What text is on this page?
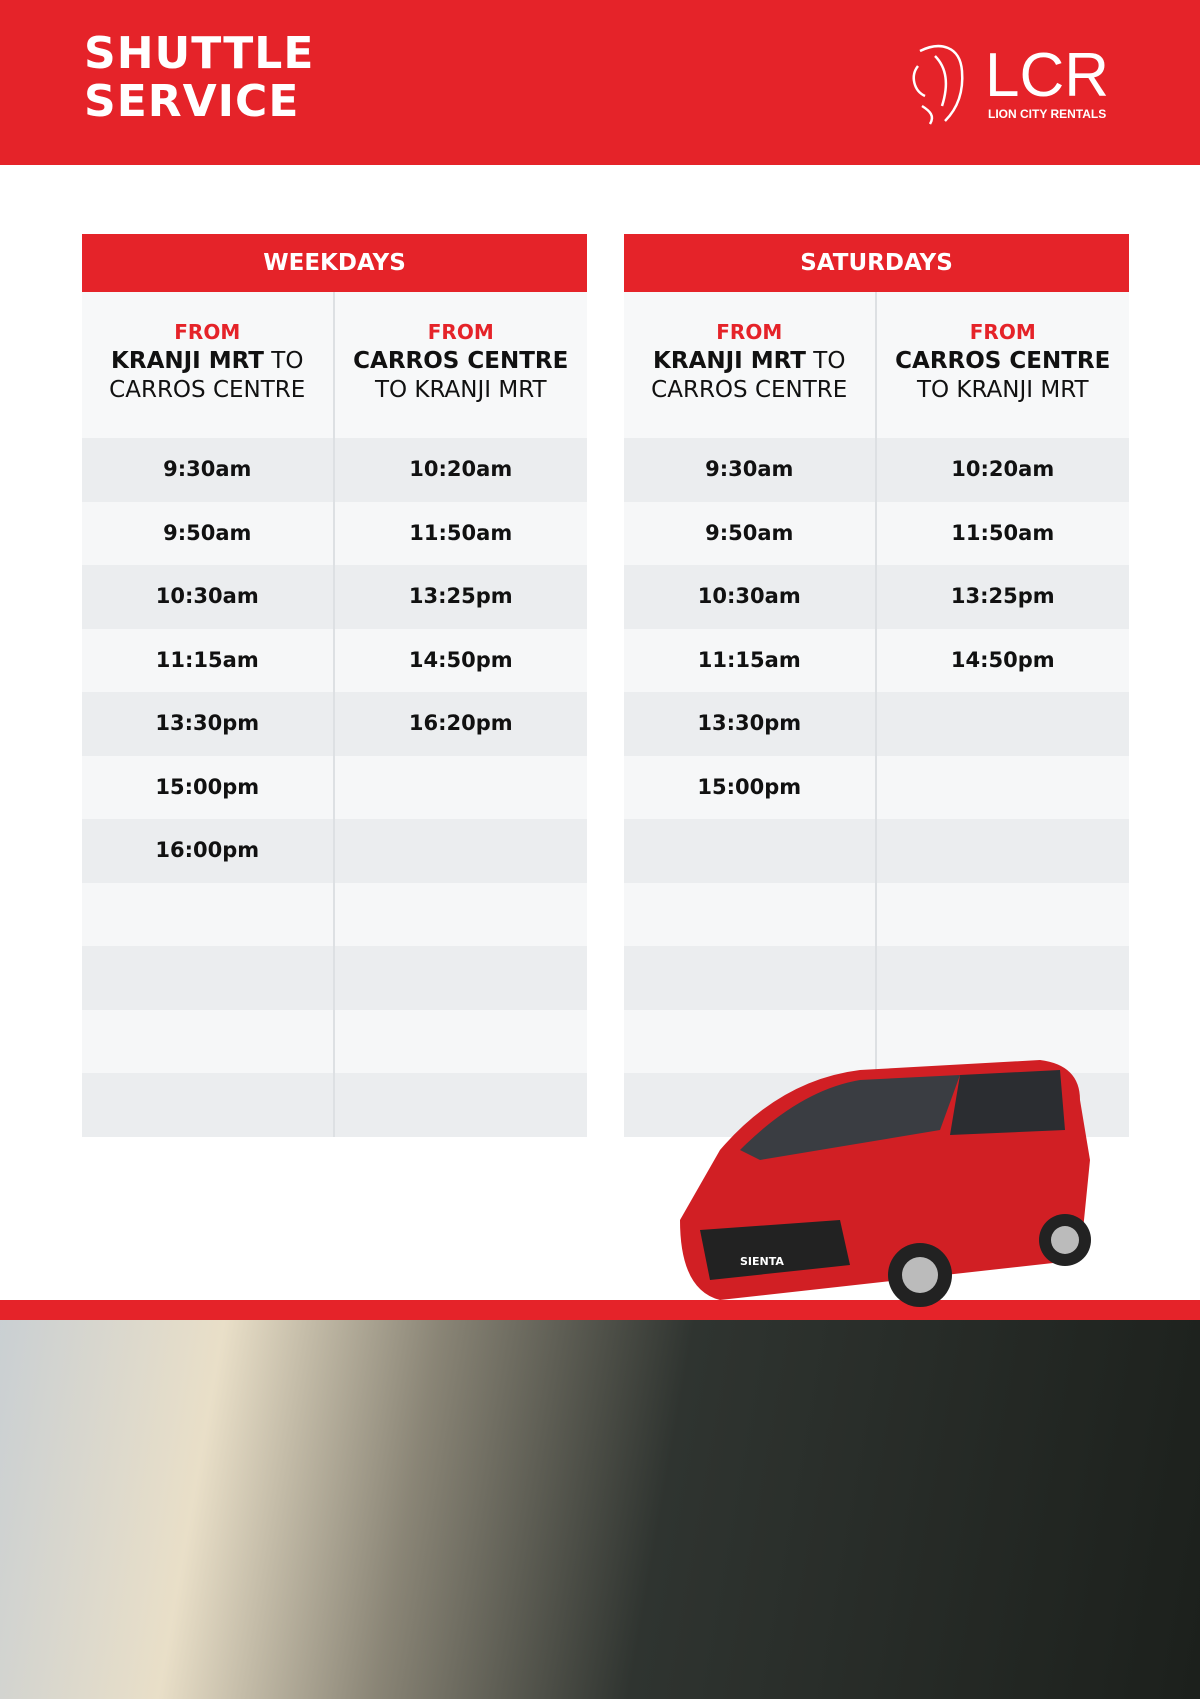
SHUTTLE
SERVICE	LCR
LION CITY RENTALS
WEEKDAYS
FROM
KRANJI MRT TO
CARROS CENTRE
9:30am
9:50am
10:30am
11:15am
13:30pm
15:00pm
16:00pm
FROM
CARROS CENTRE
TO KRANJI MRT
10:20am
11:50am
13:25pm
14:50pm
16:20pm
SATURDAYS
FROM
KRANJI MRT TO
CARROS CENTRE
9:30am
9:50am
10:30am
11:15am
13:30pm
15:00pm
FROM
CARROS CENTRE
TO KRANJI MRT
10:20am
11:50am
13:25pm
14:50pm
SIENTA
